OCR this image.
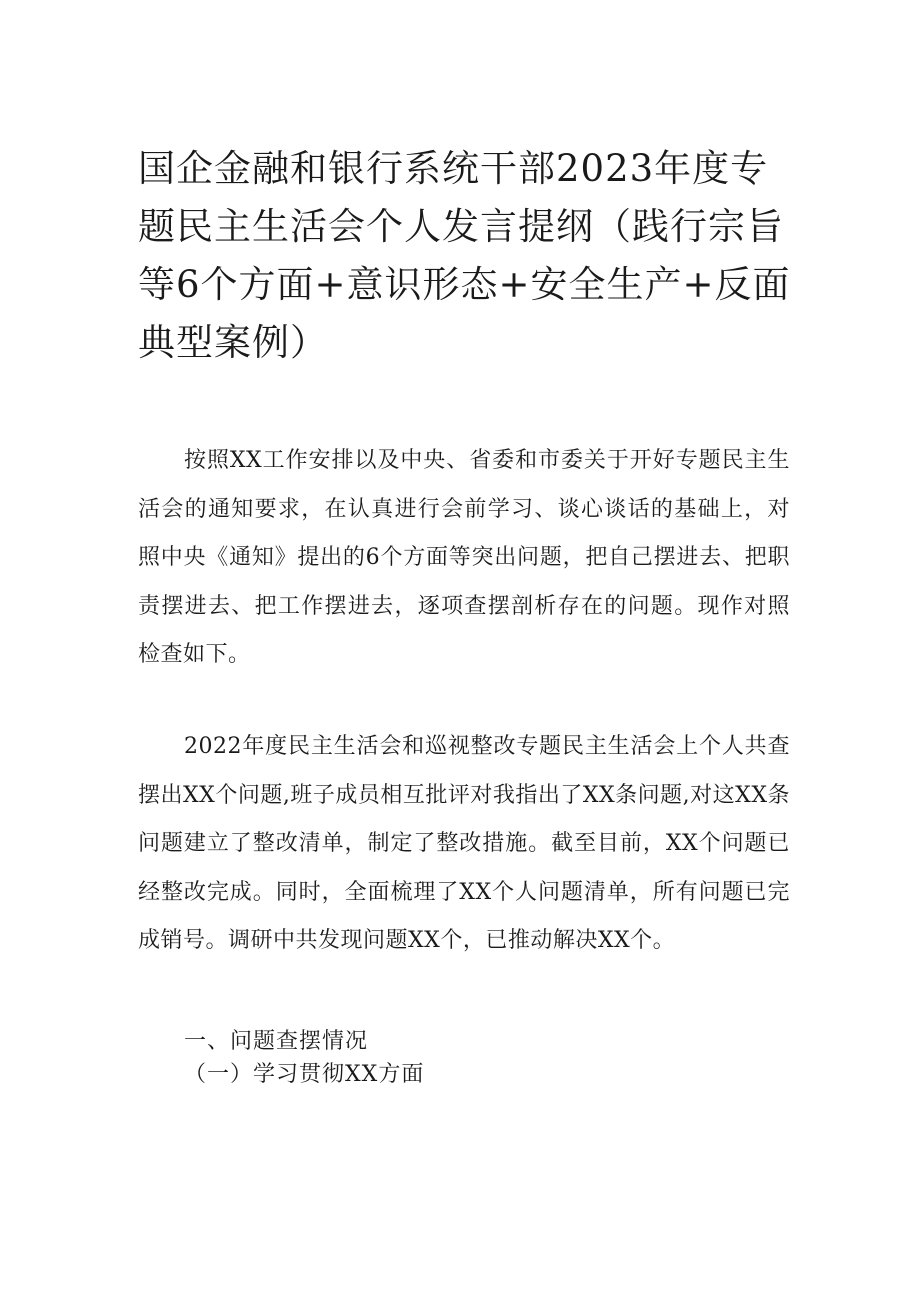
国企金融和银行系统干部2023年度专题民主生活会个人发言提纲（践行宗旨等6个方面+意识形态+安全生产+反面典型案例）

按照XX工作安排以及中央、省委和市委关于开好专题民主生活会的通知要求，在认真进行会前学习、谈心谈话的基础上，对照中央《通知》提出的6个方面等突出问题，把自己摆进去、把职责摆进去、把工作摆进去，逐项查摆剖析存在的问题。现作对照检查如下。

2022年度民主生活会和巡视整改专题民主生活会上个人共查摆出XX个问题,班子成员相互批评对我指出了XX条问题,对这XX条问题建立了整改清单，制定了整改措施。截至目前，XX个问题已经整改完成。同时，全面梳理了XX个人问题清单，所有问题已完成销号。调研中共发现问题XX个，已推动解决XX个。

一、问题查摆情况

（一）学习贯彻XX方面
